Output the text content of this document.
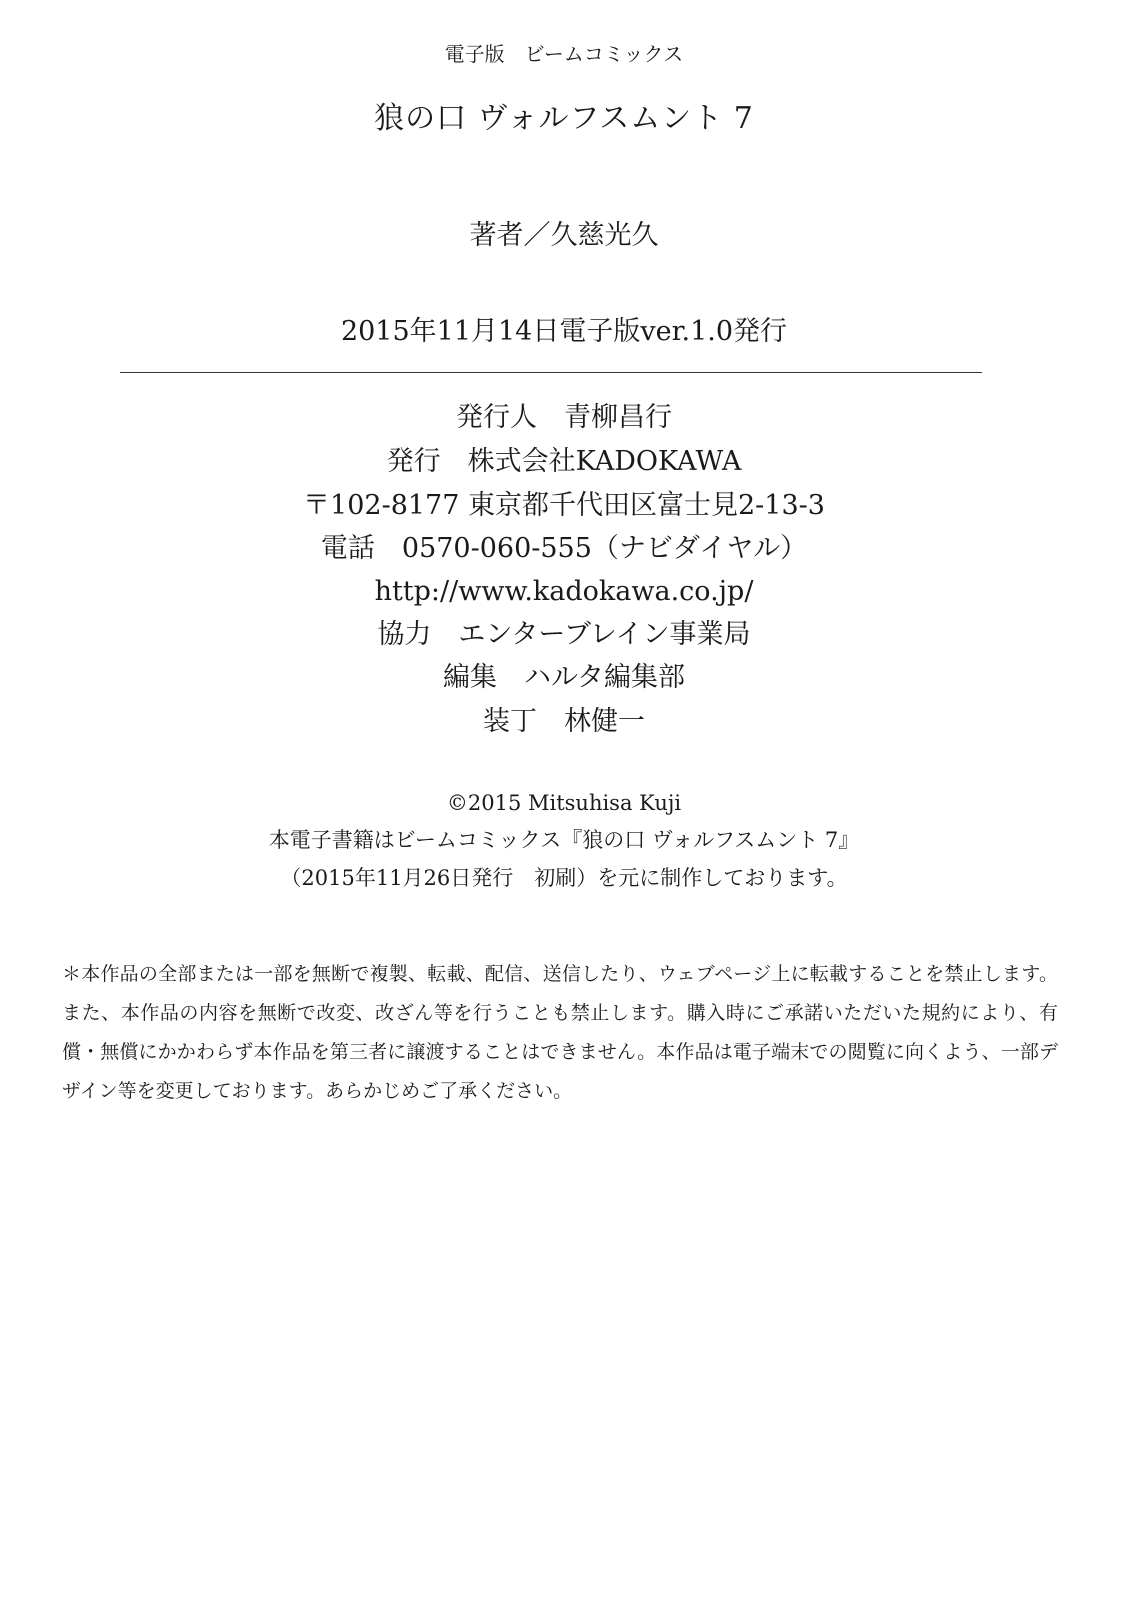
電子版　ビームコミックス
狼の口 ヴォルフスムント 7
著者／久慈光久
2015年11月14日電子版ver.1.0発行
発行人　青柳昌行
発行　株式会社KADOKAWA
〒102-8177 東京都千代田区富士見2-13-3
電話　0570-060-555（ナビダイヤル）
http://www.kadokawa.co.jp/
協力　エンターブレイン事業局
編集　ハルタ編集部
装丁　林健一
©2015 Mitsuhisa Kuji
本電子書籍はビームコミックス『狼の口 ヴォルフスムント 7』
（2015年11月26日発行　初刷）を元に制作しております。
＊本作品の全部または一部を無断で複製、転載、配信、送信したり、ウェブページ上に転載することを禁止します。また、本作品の内容を無断で改変、改ざん等を行うことも禁止します。購入時にご承諾いただいた規約により、有償・無償にかかわらず本作品を第三者に譲渡することはできません。本作品は電子端末での閲覧に向くよう、一部デザイン等を変更しております。あらかじめご了承ください。
